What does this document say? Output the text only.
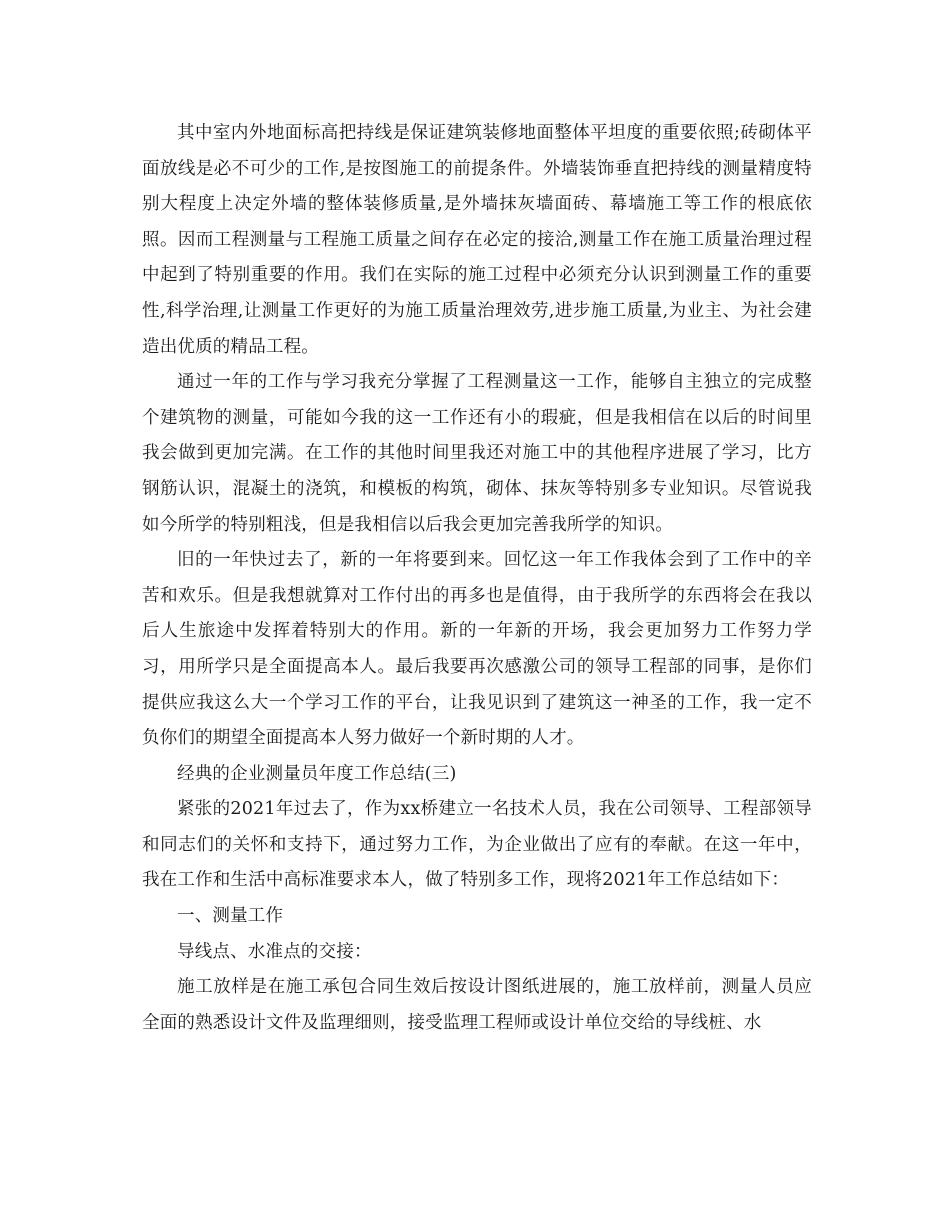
其中室内外地面标高把持线是保证建筑装修地面整体平坦度的重要依照;砖砌体平面放线是必不可少的工作,是按图施工的前提条件。外墙装饰垂直把持线的测量精度特别大程度上决定外墙的整体装修质量,是外墙抹灰墙面砖、幕墙施工等工作的根底依照。因而工程测量与工程施工质量之间存在必定的接洽,测量工作在施工质量治理过程中起到了特别重要的作用。我们在实际的施工过程中必须充分认识到测量工作的重要性,科学治理,让测量工作更好的为施工质量治理效劳,进步施工质量,为业主、为社会建造出优质的精品工程。

通过一年的工作与学习我充分掌握了工程测量这一工作，能够自主独立的完成整个建筑物的测量，可能如今我的这一工作还有小的瑕疵，但是我相信在以后的时间里我会做到更加完满。在工作的其他时间里我还对施工中的其他程序进展了学习，比方钢筋认识，混凝土的浇筑，和模板的构筑，砌体、抹灰等特别多专业知识。尽管说我如今所学的特别粗浅，但是我相信以后我会更加完善我所学的知识。

旧的一年快过去了，新的一年将要到来。回忆这一年工作我体会到了工作中的辛苦和欢乐。但是我想就算对工作付出的再多也是值得，由于我所学的东西将会在我以后人生旅途中发挥着特别大的作用。新的一年新的开场，我会更加努力工作努力学习，用所学只是全面提高本人。最后我要再次感激公司的领导工程部的同事，是你们提供应我这么大一个学习工作的平台，让我见识到了建筑这一神圣的工作，我一定不负你们的期望全面提高本人努力做好一个新时期的人才。

经典的企业测量员年度工作总结(三)

紧张的2021年过去了，作为xx桥建立一名技术人员，我在公司领导、工程部领导和同志们的关怀和支持下，通过努力工作，为企业做出了应有的奉献。在这一年中，我在工作和生活中高标准要求本人，做了特别多工作，现将2021年工作总结如下：

一、测量工作

导线点、水准点的交接：

施工放样是在施工承包合同生效后按设计图纸进展的，施工放样前，测量人员应全面的熟悉设计文件及监理细则，接受监理工程师或设计单位交给的导线桩、水
